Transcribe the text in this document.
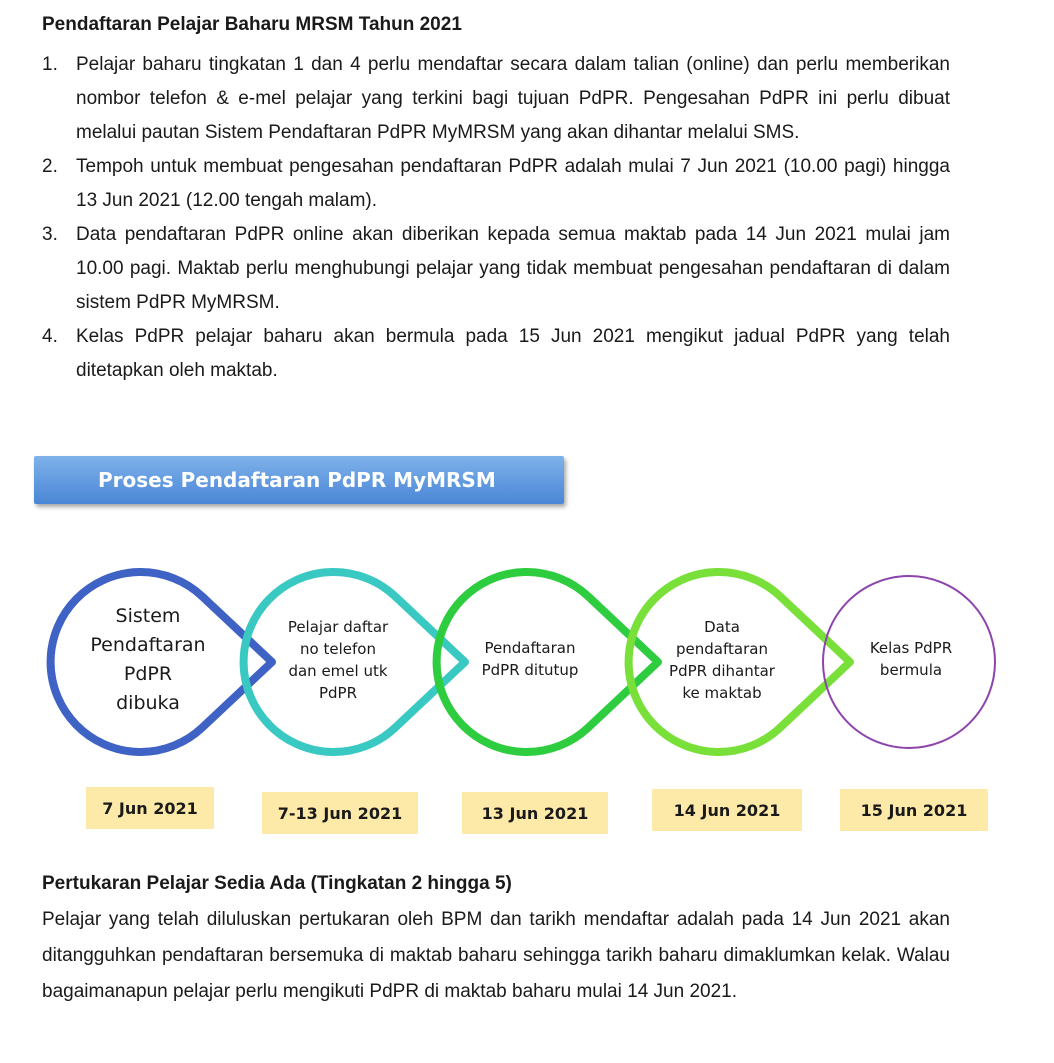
Pendaftaran Pelajar Baharu MRSM Tahun 2021
1. Pelajar baharu tingkatan 1 dan 4 perlu mendaftar secara dalam talian (online) dan perlu memberikan nombor telefon & e-mel pelajar yang terkini bagi tujuan PdPR. Pengesahan PdPR ini perlu dibuat melalui pautan Sistem Pendaftaran PdPR MyMRSM yang akan dihantar melalui SMS.
2. Tempoh untuk membuat pengesahan pendaftaran PdPR adalah mulai 7 Jun 2021 (10.00 pagi) hingga 13 Jun 2021 (12.00 tengah malam).
3. Data pendaftaran PdPR online akan diberikan kepada semua maktab pada 14 Jun 2021 mulai jam 10.00 pagi. Maktab perlu menghubungi pelajar yang tidak membuat pengesahan pendaftaran di dalam sistem PdPR MyMRSM.
4. Kelas PdPR pelajar baharu akan bermula pada 15 Jun 2021 mengikut jadual PdPR yang telah ditetapkan oleh maktab.
Proses Pendaftaran PdPR MyMRSM
Sistem
Pendaftaran
PdPR
dibuka
Pelajar daftar
no telefon
dan emel utk
PdPR
Pendaftaran
PdPR ditutup
Data
pendaftaran
PdPR dihantar
ke maktab
Kelas PdPR
bermula
7 Jun 2021	7-13 Jun 2021	13 Jun 2021	14 Jun 2021	15 Jun 2021
Pertukaran Pelajar Sedia Ada (Tingkatan 2 hingga 5)

Pelajar yang telah diluluskan pertukaran oleh BPM dan tarikh mendaftar adalah pada 14 Jun 2021 akan ditangguhkan pendaftaran bersemuka di maktab baharu sehingga tarikh baharu dimaklumkan kelak. Walau bagaimanapun pelajar perlu mengikuti PdPR di maktab baharu mulai 14 Jun 2021.
